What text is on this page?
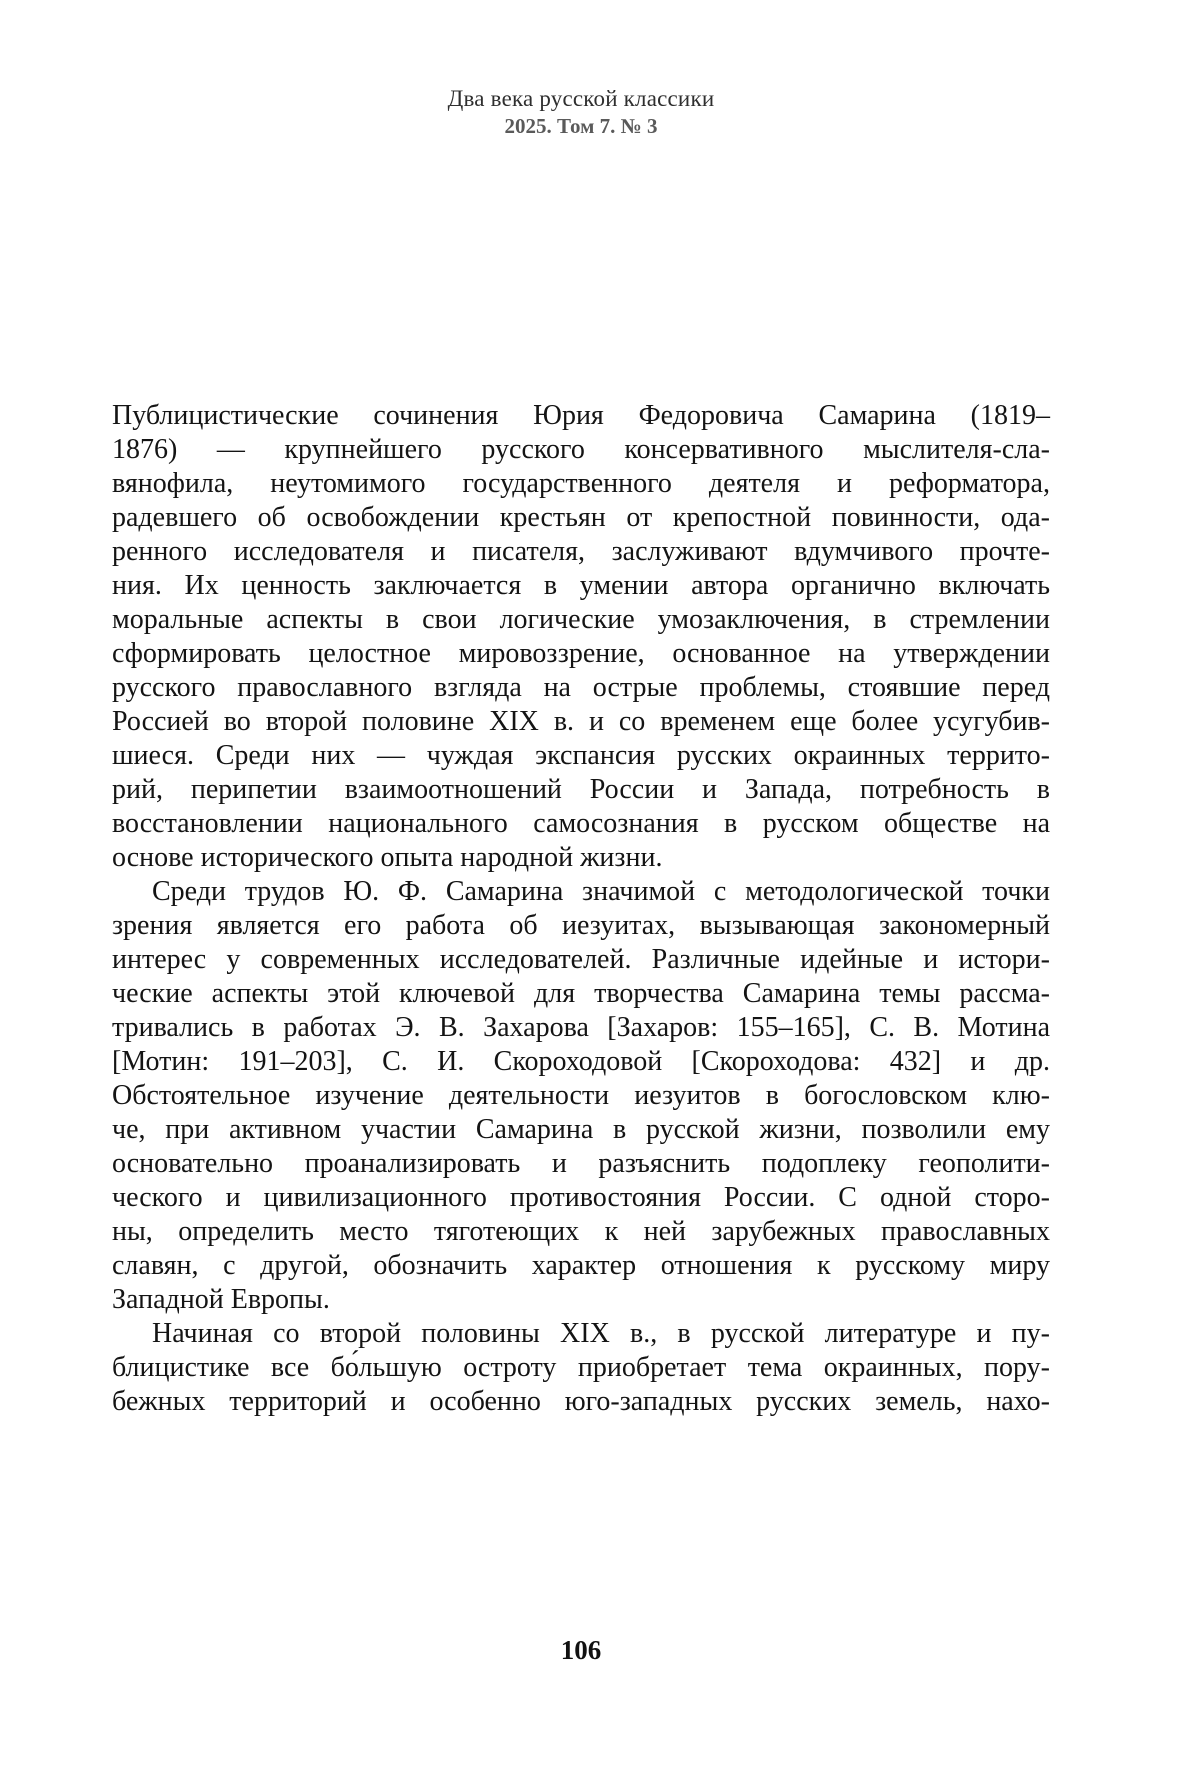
Два века русской классики
2025. Том 7. № 3
Публицистические сочинения Юрия Федоровича Самарина (1819–
1876) — крупнейшего русского консервативного мыслителя-сла-
вянофила, неутомимого государственного деятеля и реформатора,
радевшего об освобождении крестьян от крепостной повинности, ода-
ренного исследователя и писателя, заслуживают вдумчивого прочте-
ния. Их ценность заключается в умении автора органично включать
моральные аспекты в свои логические умозаключения, в стремлении
сформировать целостное мировоззрение, основанное на утверждении
русского православного взгляда на острые проблемы, стоявшие перед
Россией во второй половине XIX в. и со временем еще более усугубив-
шиеся. Среди них — чуждая экспансия русских окраинных террито-
рий, перипетии взаимоотношений России и Запада, потребность в
восстановлении национального самосознания в русском обществе на
основе исторического опыта народной жизни.
Среди трудов Ю. Ф. Самарина значимой с методологической точки
зрения является его работа об иезуитах, вызывающая закономерный
интерес у современных исследователей. Различные идейные и истори-
ческие аспекты этой ключевой для творчества Самарина темы рассма-
тривались в работах Э. В. Захарова [Захаров: 155–165], С. В. Мотина
[Мотин: 191–203], С. И. Скороходовой [Скороходова: 432] и др.
Обстоятельное изучение деятельности иезуитов в богословском клю-
че, при активном участии Самарина в русской жизни, позволили ему
основательно проанализировать и разъяснить подоплеку геополити-
ческого и цивилизационного противостояния России. С одной сторо-
ны, определить место тяготеющих к ней зарубежных православных
славян, с другой, обозначить характер отношения к русскому миру
Западной Европы.
Начиная со второй половины XIX в., в русской литературе и пу-
блицистике все бо́льшую остроту приобретает тема окраинных, пору-
бежных территорий и особенно юго-западных русских земель, нахо-
106
